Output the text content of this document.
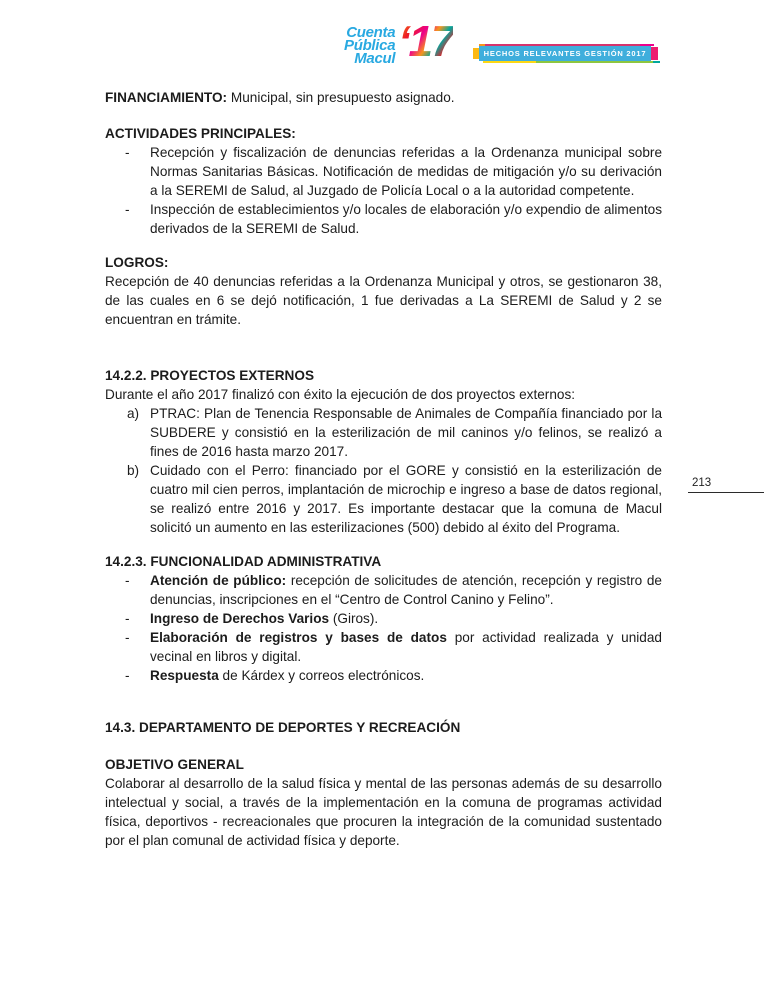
Cuenta
Pública
Macul ‘17	HECHOS RELEVANTES GESTIÓN 2017
213

FINANCIAMIENTO: Municipal, sin presupuesto asignado.

ACTIVIDADES PRINCIPALES:
- Recepción y fiscalización de denuncias referidas a la Ordenanza municipal sobre Normas Sanitarias Básicas. Notificación de medidas de mitigación y/o su derivación a la SEREMI de Salud, al Juzgado de Policía Local o a la autoridad competente.
- Inspección de establecimientos y/o locales de elaboración y/o expendio de alimentos derivados de la SEREMI de Salud.
LOGROS:

Recepción de 40 denuncias referidas a la Ordenanza Municipal y otros, se gestionaron 38, de las cuales en 6 se dejó notificación, 1 fue derivadas a La SEREMI de Salud y 2 se encuentran en trámite.

14.2.2. PROYECTOS EXTERNOS

Durante el año 2017 finalizó con éxito la ejecución de dos proyectos externos:

a) PTRAC: Plan de Tenencia Responsable de Animales de Compañía financiado por la SUBDERE y consistió en la esterilización de mil caninos y/o felinos, se realizó a fines de 2016 hasta marzo 2017.
b) Cuidado con el Perro: financiado por el GORE y consistió en la esterilización de cuatro mil cien perros, implantación de microchip e ingreso a base de datos regional, se realizó entre 2016 y 2017. Es importante destacar que la comuna de Macul solicitó un aumento en las esterilizaciones (500) debido al éxito del Programa.
14.2.3. FUNCIONALIDAD ADMINISTRATIVA
- Atención de público: recepción de solicitudes de atención, recepción y registro de denuncias, inscripciones en el “Centro de Control Canino y Felino”.
- Ingreso de Derechos Varios (Giros).
- Elaboración de registros y bases de datos por actividad realizada y unidad vecinal en libros y digital.
- Respuesta de Kárdex y correos electrónicos.
14.3. DEPARTAMENTO DE DEPORTES Y RECREACIÓN
OBJETIVO GENERAL

Colaborar al desarrollo de la salud física y mental de las personas además de su desarrollo intelectual y social, a través de la implementación en la comuna de programas actividad física, deportivos - recreacionales que procuren la integración de la comunidad sustentado por el plan comunal de actividad física y deporte.
